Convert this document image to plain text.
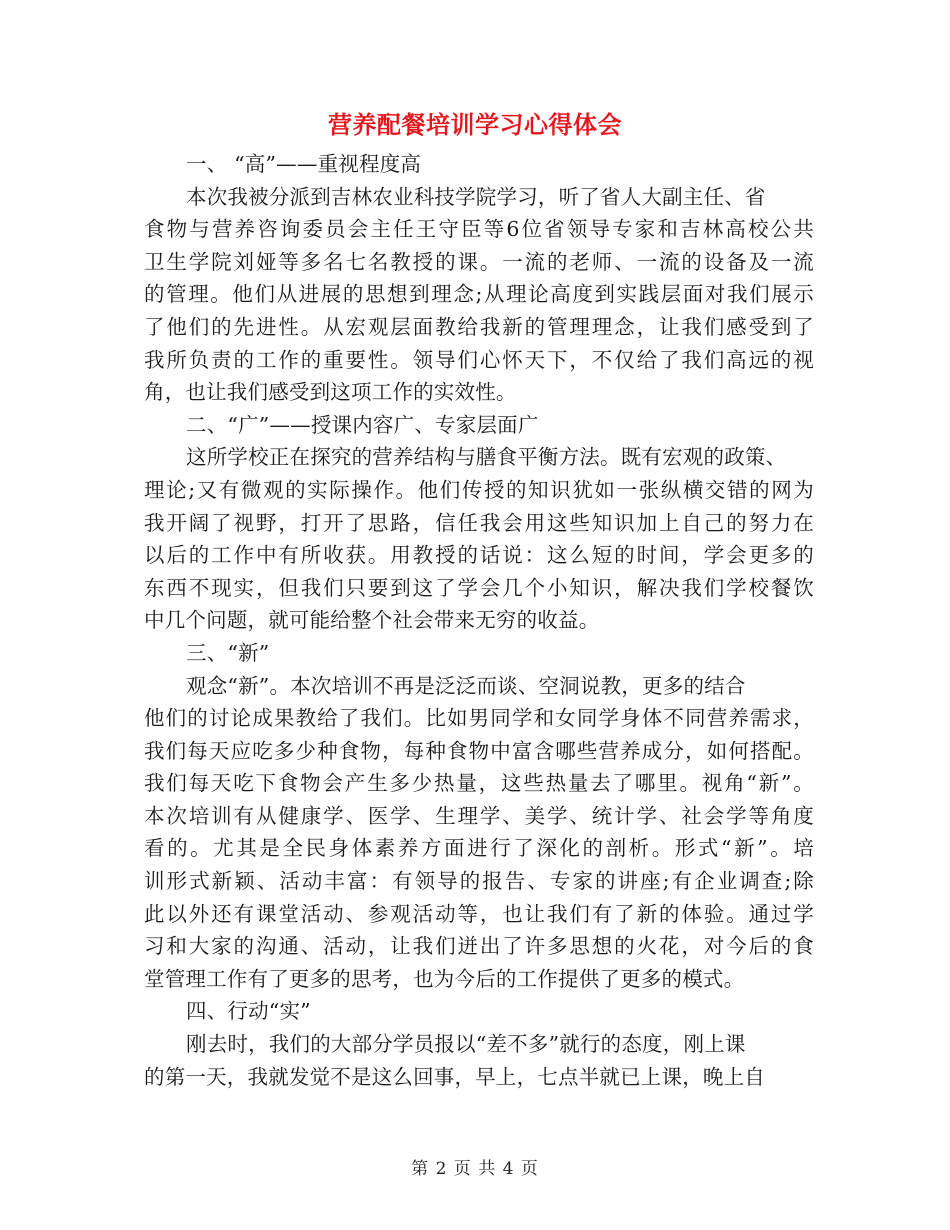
营养配餐培训学习心得体会
一、 “高”——重视程度高
本次我被分派到吉林农业科技学院学习，听了省人大副主任、省
食物与营养咨询委员会主任王守臣等6位省领导专家和吉林高校公共
卫生学院刘娅等多名七名教授的课。一流的老师、一流的设备及一流
的管理。他们从进展的思想到理念;从理论高度到实践层面对我们展示
了他们的先进性。从宏观层面教给我新的管理理念，让我们感受到了
我所负责的工作的重要性。领导们心怀天下，不仅给了我们高远的视
角，也让我们感受到这项工作的实效性。
二、“广”——授课内容广、专家层面广
这所学校正在探究的营养结构与膳食平衡方法。既有宏观的政策、
理论;又有微观的实际操作。他们传授的知识犹如一张纵横交错的网为
我开阔了视野，打开了思路，信任我会用这些知识加上自己的努力在
以后的工作中有所收获。用教授的话说：这么短的时间，学会更多的
东西不现实，但我们只要到这了学会几个小知识，解决我们学校餐饮
中几个问题，就可能给整个社会带来无穷的收益。
三、“新”
观念“新”。本次培训不再是泛泛而谈、空洞说教，更多的结合
他们的讨论成果教给了我们。比如男同学和女同学身体不同营养需求，
我们每天应吃多少种食物，每种食物中富含哪些营养成分，如何搭配。
我们每天吃下食物会产生多少热量，这些热量去了哪里。视角“新”。
本次培训有从健康学、医学、生理学、美学、统计学、社会学等角度
看的。尤其是全民身体素养方面进行了深化的剖析。形式“新”。培
训形式新颖、活动丰富：有领导的报告、专家的讲座;有企业调查;除
此以外还有课堂活动、参观活动等，也让我们有了新的体验。通过学
习和大家的沟通、活动，让我们迸出了许多思想的火花，对今后的食
堂管理工作有了更多的思考，也为今后的工作提供了更多的模式。
四、行动“实”
刚去时，我们的大部分学员报以“差不多”就行的态度，刚上课
的第一天，我就发觉不是这么回事，早上，七点半就已上课，晚上自
第 2 页 共 4 页
